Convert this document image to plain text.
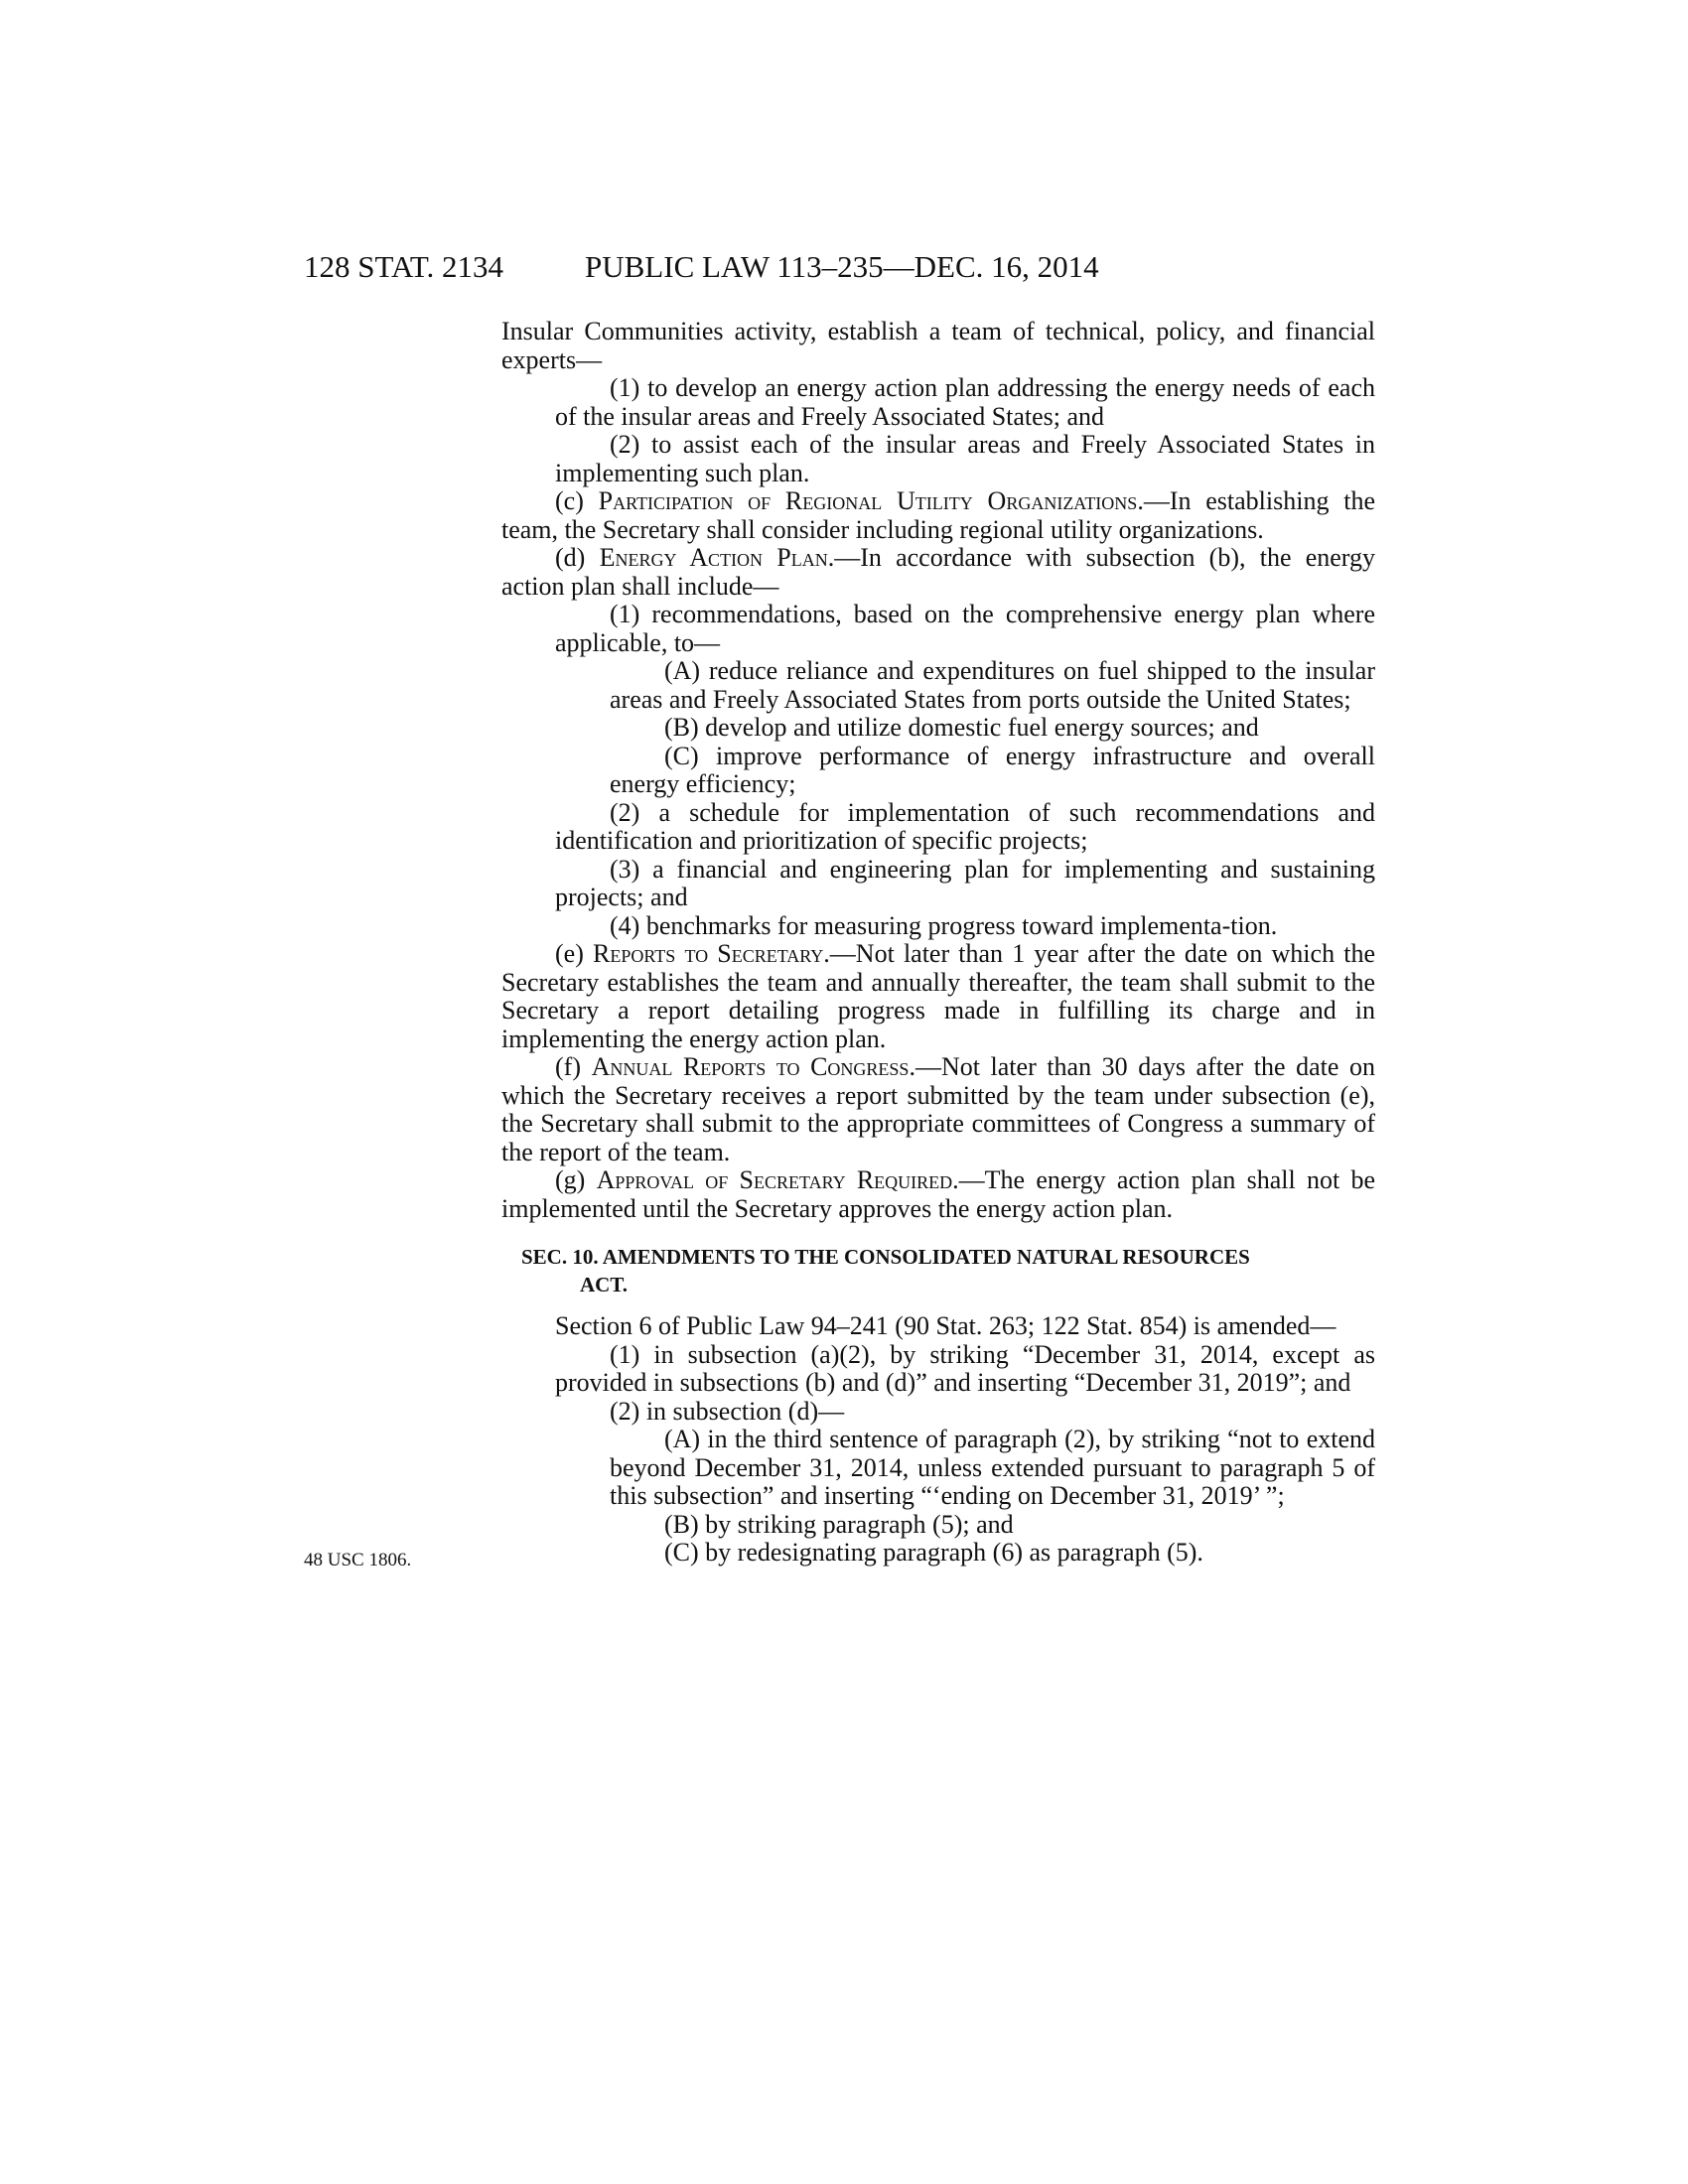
128 STAT. 2134	PUBLIC LAW 113–235—DEC. 16, 2014
48 USC 1806.

Insular Communities activity, establish a team of technical, policy, and financial experts—

(1) to develop an energy action plan addressing the energy needs of each of the insular areas and Freely Associated States; and

(2) to assist each of the insular areas and Freely Associated States in implementing such plan.

(c) Participation of Regional Utility Organizations.—In establishing the team, the Secretary shall consider including regional utility organizations.

(d) Energy Action Plan.—In accordance with subsection (b), the energy action plan shall include—

(1) recommendations, based on the comprehensive energy plan where applicable, to—

(A) reduce reliance and expenditures on fuel shipped to the insular areas and Freely Associated States from ports outside the United States;

(B) develop and utilize domestic fuel energy sources; and

(C) improve performance of energy infrastructure and overall energy efficiency;

(2) a schedule for implementation of such recommendations and identification and prioritization of specific projects;

(3) a financial and engineering plan for implementing and sustaining projects; and

(4) benchmarks for measuring progress toward implementa-tion.

(e) Reports to Secretary.—Not later than 1 year after the date on which the Secretary establishes the team and annually thereafter, the team shall submit to the Secretary a report detailing progress made in fulfilling its charge and in implementing the energy action plan.

(f) Annual Reports to Congress.—Not later than 30 days after the date on which the Secretary receives a report submitted by the team under subsection (e), the Secretary shall submit to the appropriate committees of Congress a summary of the report of the team.

(g) Approval of Secretary Required.—The energy action plan shall not be implemented until the Secretary approves the energy action plan.

SEC. 10. AMENDMENTS TO THE CONSOLIDATED NATURAL RESOURCES
ACT.

Section 6 of Public Law 94–241 (90 Stat. 263; 122 Stat. 854) is amended—

(1) in subsection (a)(2), by striking “December 31, 2014, except as provided in subsections (b) and (d)” and inserting “December 31, 2019”; and

(2) in subsection (d)—

(A) in the third sentence of paragraph (2), by striking “not to extend beyond December 31, 2014, unless extended pursuant to paragraph 5 of this subsection” and inserting “‘ending on December 31, 2019’ ”;

(B) by striking paragraph (5); and

(C) by redesignating paragraph (6) as paragraph (5).
